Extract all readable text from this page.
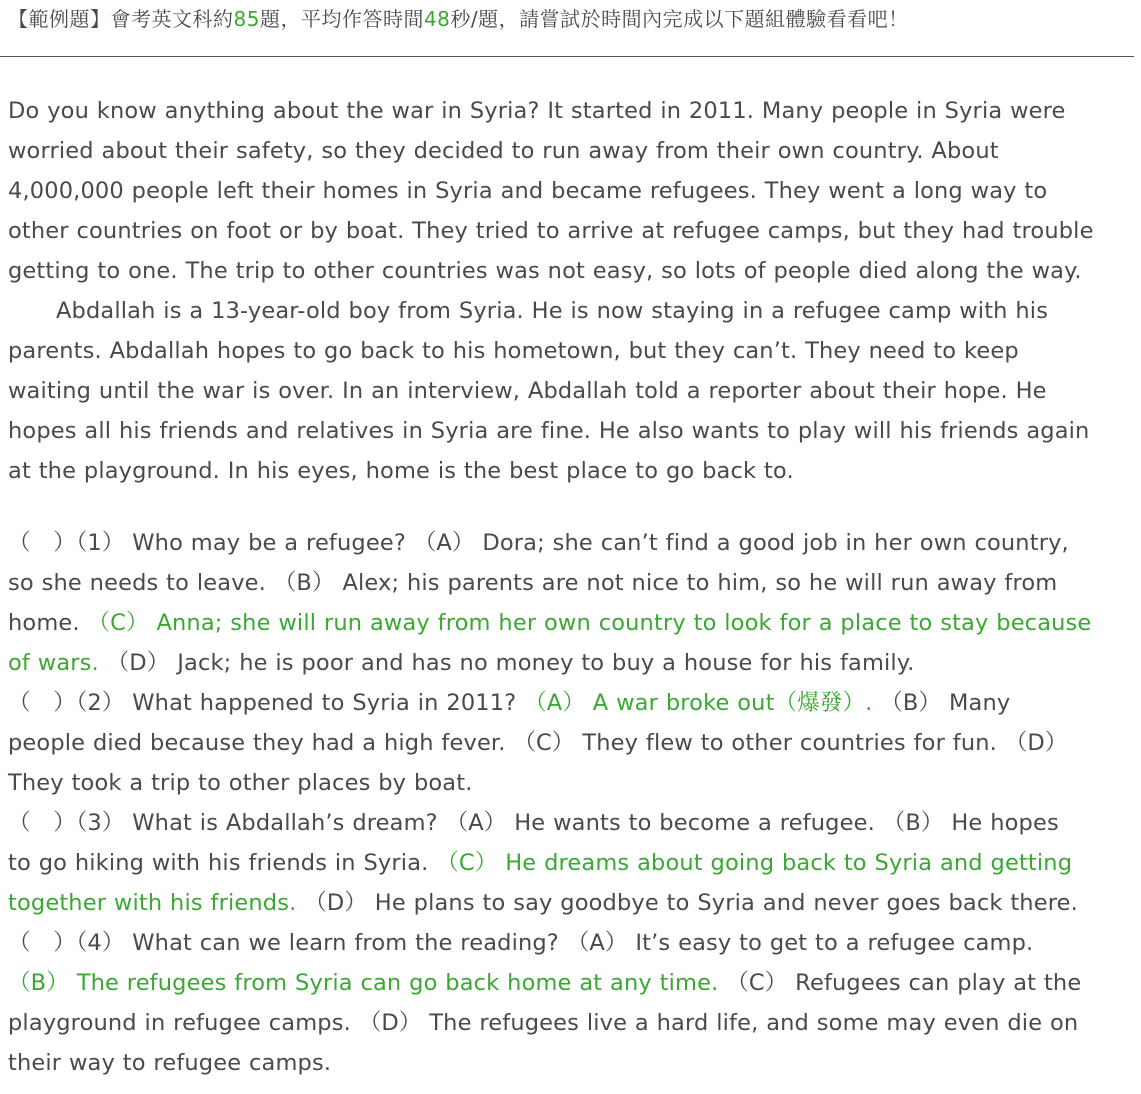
【範例題】會考英文科約85題，平均作答時間48秒/題，請嘗試於時間內完成以下題組體驗看看吧！
Do you know anything about the war in Syria? It started in 2011. Many people in Syria were
worried about their safety, so they decided to run away from their own country. About
4,000,000 people left their homes in Syria and became refugees. They went a long way to
other countries on foot or by boat. They tried to arrive at refugee camps, but they had trouble
getting to one. The trip to other countries was not easy, so lots of people died along the way.
Abdallah is a 13-year-old boy from Syria. He is now staying in a refugee camp with his
parents. Abdallah hopes to go back to his hometown, but they can’t. They need to keep
waiting until the war is over. In an interview, Abdallah told a reporter about their hope. He
hopes all his friends and relatives in Syria are fine. He also wants to play will his friends again
at the playground. In his eyes, home is the best place to go back to.
（　）（1） Who may be a refugee? （A） Dora; she can’t find a good job in her own country,
so she needs to leave. （B） Alex; his parents are not nice to him, so he will run away from
home. （C） Anna; she will run away from her own country to look for a place to stay because
of wars. （D） Jack; he is poor and has no money to buy a house for his family.
（　）（2） What happened to Syria in 2011? （A） A war broke out（爆發）. （B） Many
people died because they had a high fever. （C） They flew to other countries for fun. （D）
They took a trip to other places by boat.
（　）（3） What is Abdallah’s dream? （A） He wants to become a refugee. （B） He hopes
to go hiking with his friends in Syria. （C） He dreams about going back to Syria and getting
together with his friends. （D） He plans to say goodbye to Syria and never goes back there.
（　）（4） What can we learn from the reading? （A） It’s easy to get to a refugee camp.
（B） The refugees from Syria can go back home at any time. （C） Refugees can play at the
playground in refugee camps. （D） The refugees live a hard life, and some may even die on
their way to refugee camps.
